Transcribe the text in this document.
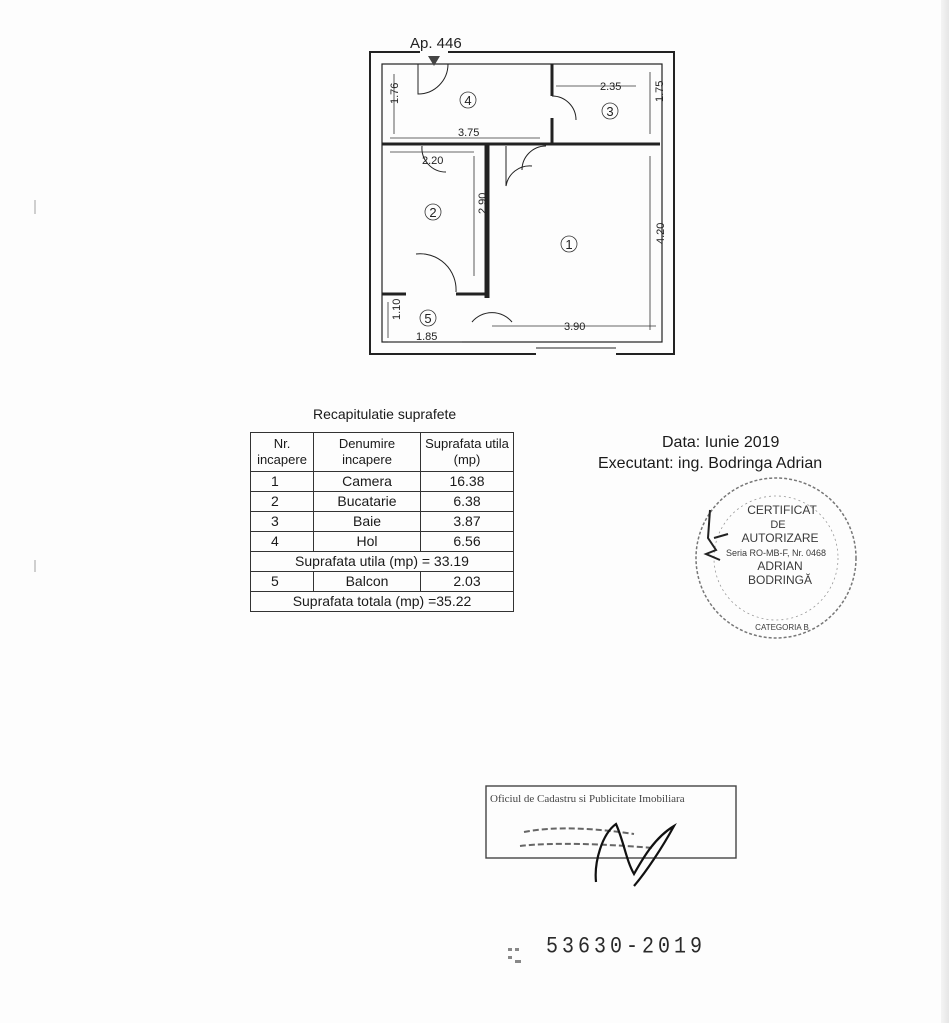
Ap. 446
1.76	2.35	1.75
3.75
2.20
2.90
4.20
1.10
1.85
3.90
1
2
3
4
5
Recapitulatie suprafete
Nr. incapere	Denumire incapere	Suprafata utila (mp)
1	Camera	16.38
2	Bucatarie	6.38
3	Baie	3.87
4	Hol	6.56
Suprafata utila (mp) = 33.19		
5	Balcon	2.03
Suprafata totala (mp) =35.22		
Data: Iunie 2019
Executant: ing. Bodringa Adrian
CERTIFICAT
DE
AUTORIZARE
Seria RO-MB-F, Nr. 0468
ADRIAN
BODRINGĂ
CATEGORIA B
Oficiul de Cadastru si Publicitate Imobiliara
53630-2019
